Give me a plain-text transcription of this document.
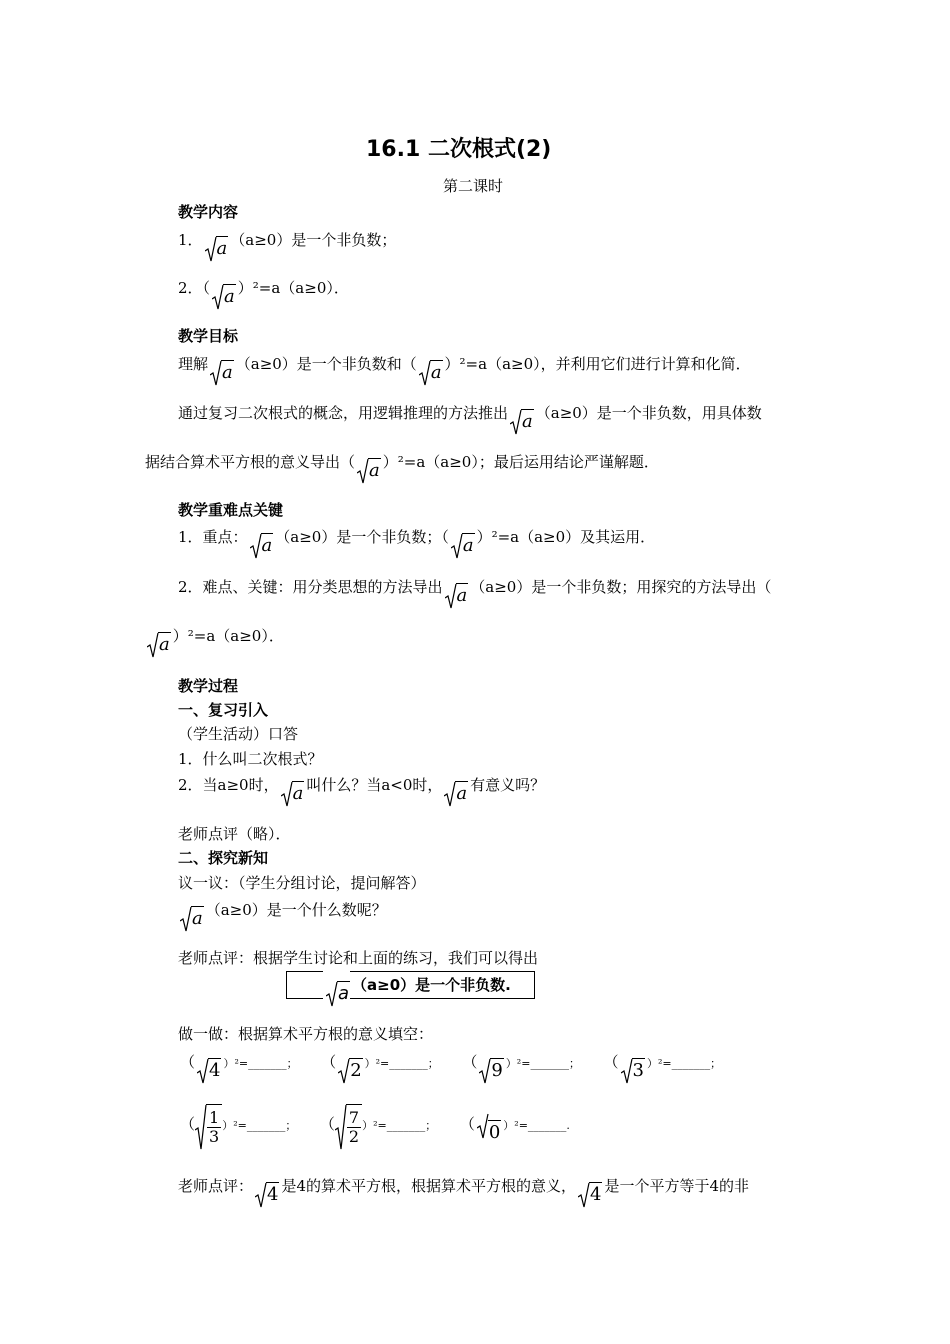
16.1 二次根式(2)
第二课时
教学内容
1． a （a≥0）是一个非负数；
2．（ a ）²=a（a≥0）．
教学目标
理解 a （a≥0）是一个非负数和（ a ）²=a（a≥0），并利用它们进行计算和化简．
通过复习二次根式的概念，用逻辑推理的方法推出 a （a≥0）是一个非负数，用具体数
据结合算术平方根的意义导出（ a ）²=a（a≥0）；最后运用结论严谨解题．
教学重难点关键
1．重点： a （a≥0）是一个非负数；（ a ）²=a（a≥0）及其运用．
2．难点、关键：用分类思想的方法导出 a （a≥0）是一个非负数；用探究的方法导出（
a ）²=a（a≥0）．
教学过程
一、复习引入
（学生活动）口答
1．什么叫二次根式？
2．当a≥0时， a 叫什么？当a<0时， a 有意义吗？
老师点评（略）．
二、探究新知
议一议：（学生分组讨论，提问解答）
a （a≥0）是一个什么数呢？
老师点评：根据学生讨论和上面的练习，我们可以得出
a （a≥0）是一个非负数.
做一做：根据算术平方根的意义填空：
（ 4 ）²=_______； （ 2 ）²=_______； （ 9 ）²=_______； （ 3 ）²=_______；
（ $\frac{1}{3}$ ）²=_______； （ $\frac{7}{2}$ ）²=_______； （ 0 ）²=_______.
老师点评： 4 是4的算术平方根，根据算术平方根的意义， 4 是一个平方等于4的非
